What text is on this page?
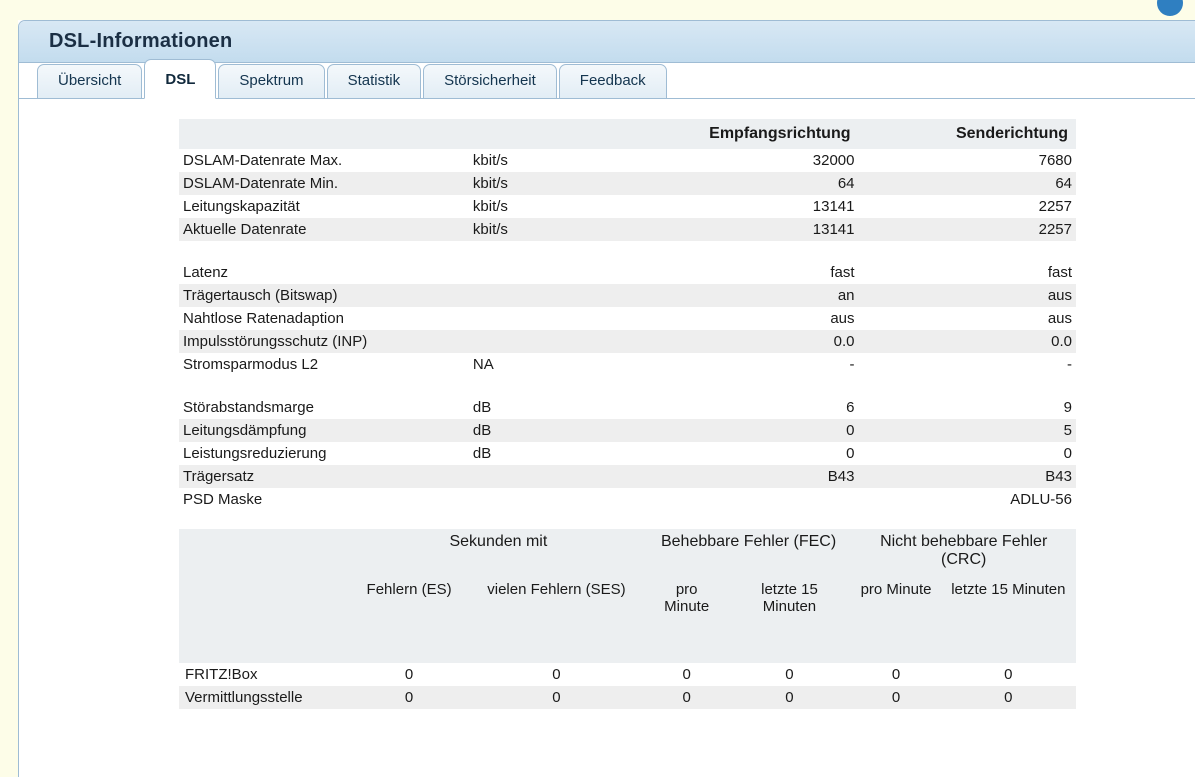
DSL-Informationen
Übersicht	DSL	Spektrum	Statistik	Störsicherheit	Feedback
		Empfangsrichtung	Senderichtung
DSLAM-Datenrate Max.	kbit/s	32000	7680
DSLAM-Datenrate Min.	kbit/s	64	64
Leitungskapazität	kbit/s	13141	2257
Aktuelle Datenrate	kbit/s	13141	2257

Latenz		fast	fast
Trägertausch (Bitswap)		an	aus
Nahtlose Ratenadaption		aus	aus
Impulsstörungsschutz (INP)		0.0	0.0
Stromsparmodus L2	NA	-	-

Störabstandsmarge	dB	6	9
Leitungsdämpfung	dB	0	5
Leistungsreduzierung	dB	0	0
Trägersatz		B43	B43
PSD Maske			ADLU-56
	Sekunden mit		Behebbare Fehler (FEC)		Nicht behebbare Fehler (CRC)	
	Fehlern (ES)	vielen Fehlern (SES)	pro Minute	letzte 15 Minuten	pro Minute	letzte 15 Minuten
FRITZ!Box	0	0	0	0	0	0
Vermittlungsstelle	0	0	0	0	0	0
